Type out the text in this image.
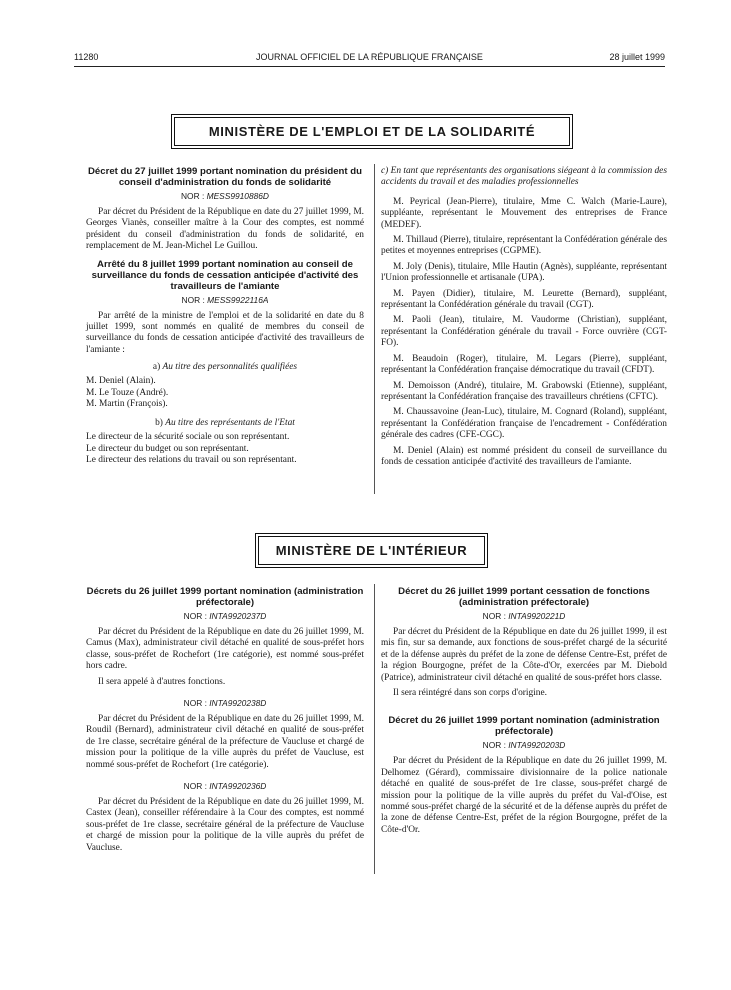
11280	JOURNAL OFFICIEL DE LA RÉPUBLIQUE FRANÇAISE	28 juillet 1999
MINISTÈRE DE L'EMPLOI ET DE LA SOLIDARITÉ
Décret du 27 juillet 1999 portant nomination du président du conseil d'administration du fonds de solidarité
NOR : MESS9910886D

Par décret du Président de la République en date du 27 juillet 1999, M. Georges Vianès, conseiller maître à la Cour des comptes, est nommé président du conseil d'administration du fonds de solidarité, en remplacement de M. Jean-Michel Le Guillou.

Arrêté du 8 juillet 1999 portant nomination au conseil de surveillance du fonds de cessation anticipée d'activité des travailleurs de l'amiante
NOR : MESS9922116A

Par arrêté de la ministre de l'emploi et de la solidarité en date du 8 juillet 1999, sont nommés en qualité de membres du conseil de surveillance du fonds de cessation anticipée d'activité des travailleurs de l'amiante :

a) Au titre des personnalités qualifiées
M. Deniel (Alain).
M. Le Touze (André).
M. Martin (François).
b) Au titre des représentants de l'Etat
Le directeur de la sécurité sociale ou son représentant.
Le directeur du budget ou son représentant.
Le directeur des relations du travail ou son représentant.
c) En tant que représentants des organisations siégeant à la commission des accidents du travail et des maladies professionnelles

M. Peyrical (Jean-Pierre), titulaire, Mme C. Walch (Marie-Laure), suppléante, représentant le Mouvement des entreprises de France (MEDEF).

M. Thillaud (Pierre), titulaire, représentant la Confédération générale des petites et moyennes entreprises (CGPME).

M. Joly (Denis), titulaire, Mlle Hautin (Agnès), suppléante, représentant l'Union professionnelle et artisanale (UPA).

M. Payen (Didier), titulaire, M. Leurette (Bernard), suppléant, représentant la Confédération générale du travail (CGT).

M. Paoli (Jean), titulaire, M. Vaudorme (Christian), suppléant, représentant la Confédération générale du travail - Force ouvrière (CGT-FO).

M. Beaudoin (Roger), titulaire, M. Legars (Pierre), suppléant, représentant la Confédération française démocratique du travail (CFDT).

M. Demoisson (André), titulaire, M. Grabowski (Etienne), suppléant, représentant la Confédération française des travailleurs chrétiens (CFTC).

M. Chaussavoine (Jean-Luc), titulaire, M. Cognard (Roland), suppléant, représentant la Confédération française de l'encadrement - Confédération générale des cadres (CFE-CGC).

M. Deniel (Alain) est nommé président du conseil de surveillance du fonds de cessation anticipée d'activité des travailleurs de l'amiante.

MINISTÈRE DE L'INTÉRIEUR
Décrets du 26 juillet 1999 portant nomination (administration préfectorale)
NOR : INTA9920237D

Par décret du Président de la République en date du 26 juillet 1999, M. Camus (Max), administrateur civil détaché en qualité de sous-préfet hors classe, sous-préfet de Rochefort (1re catégorie), est nommé sous-préfet hors cadre.

Il sera appelé à d'autres fonctions.

NOR : INTA9920238D

Par décret du Président de la République en date du 26 juillet 1999, M. Roudil (Bernard), administrateur civil détaché en qualité de sous-préfet de 1re classe, secrétaire général de la préfecture de Vaucluse et chargé de mission pour la politique de la ville auprès du préfet de Vaucluse, est nommé sous-préfet de Rochefort (1re catégorie).

NOR : INTA9920236D

Par décret du Président de la République en date du 26 juillet 1999, M. Castex (Jean), conseiller référendaire à la Cour des comptes, est nommé sous-préfet de 1re classe, secrétaire général de la préfecture de Vaucluse et chargé de mission pour la politique de la ville auprès du préfet de Vaucluse.

Décret du 26 juillet 1999 portant cessation de fonctions (administration préfectorale)
NOR : INTA9920221D

Par décret du Président de la République en date du 26 juillet 1999, il est mis fin, sur sa demande, aux fonctions de sous-préfet chargé de la sécurité et de la défense auprès du préfet de la zone de défense Centre-Est, préfet de la région Bourgogne, préfet de la Côte-d'Or, exercées par M. Diebold (Patrice), administrateur civil détaché en qualité de sous-préfet hors classe.

Il sera réintégré dans son corps d'origine.

Décret du 26 juillet 1999 portant nomination (administration préfectorale)
NOR : INTA9920203D

Par décret du Président de la République en date du 26 juillet 1999, M. Delhomez (Gérard), commissaire divisionnaire de la police nationale détaché en qualité de sous-préfet de 1re classe, sous-préfet chargé de mission pour la politique de la ville auprès du préfet du Val-d'Oise, est nommé sous-préfet chargé de la sécurité et de la défense auprès du préfet de la zone de défense Centre-Est, préfet de la région Bourgogne, préfet de la Côte-d'Or.
